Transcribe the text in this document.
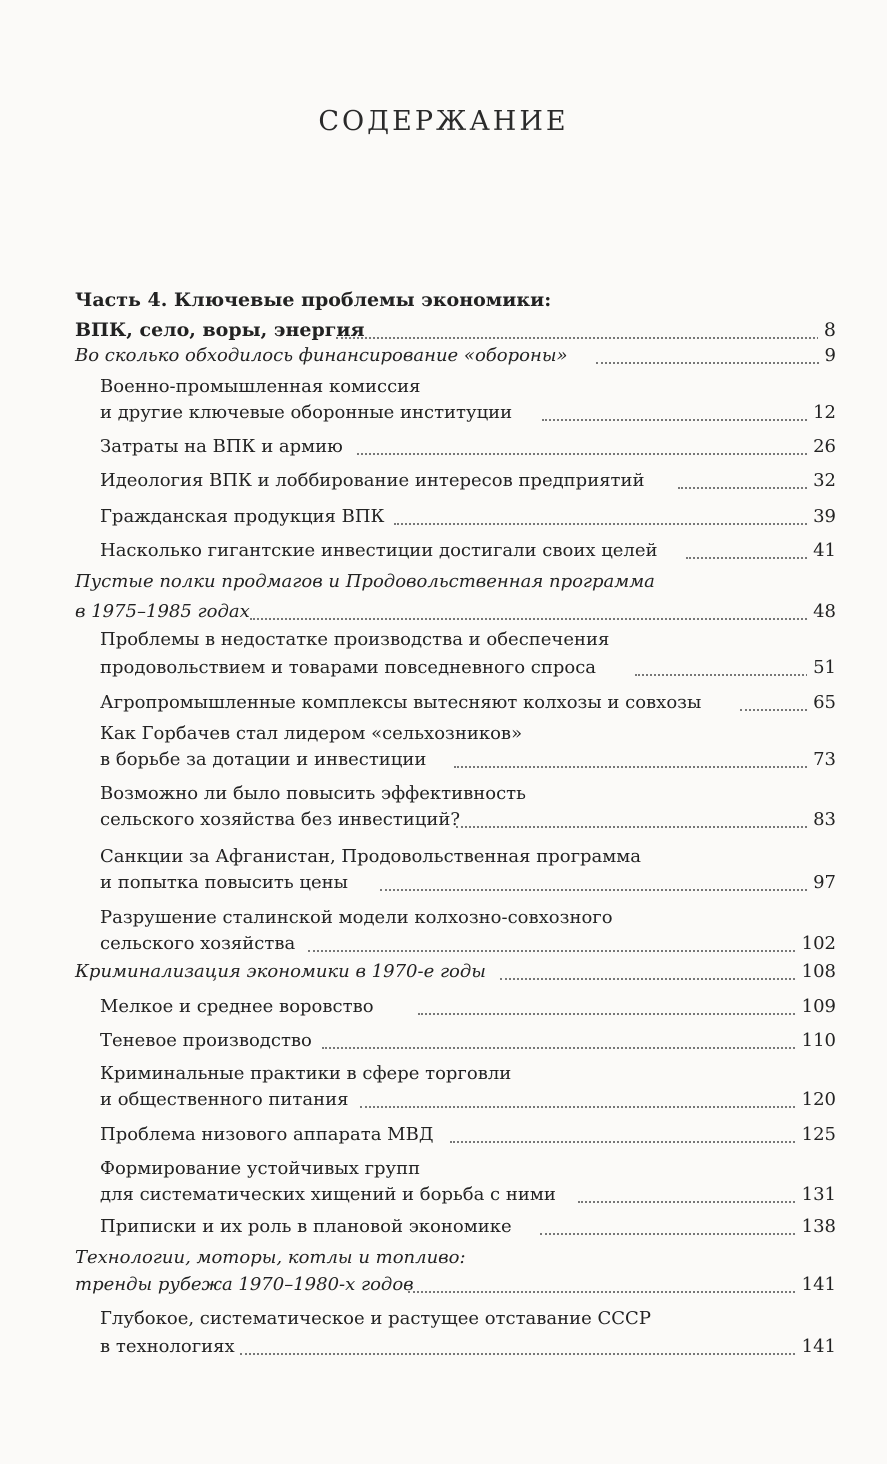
СОДЕРЖАНИЕ
Часть 4. Ключевые проблемы экономики:
ВПК, село, воры, энергия	8
Во сколько обходилось финансирование «обороны»	9
Военно-промышленная комиссия
и другие ключевые оборонные институции	12
Затраты на ВПК и армию	26
Идеология ВПК и лоббирование интересов предприятий	32
Гражданская продукция ВПК	39
Насколько гигантские инвестиции достигали своих целей	41
Пустые полки продмагов и Продовольственная программа
в 1975–1985 годах	48
Проблемы в недостатке производства и обеспечения
продовольствием и товарами повседневного спроса	51
Агропромышленные комплексы вытесняют колхозы и совхозы	65
Как Горбачев стал лидером «сельхозников»
в борьбе за дотации и инвестиции	73
Возможно ли было повысить эффективность
сельского хозяйства без инвестиций?	83
Санкции за Афганистан, Продовольственная программа
и попытка повысить цены	97
Разрушение сталинской модели колхозно-совхозного
сельского хозяйства	102
Криминализация экономики в 1970-е годы	108
Мелкое и среднее воровство	109
Теневое производство	110
Криминальные практики в сфере торговли
и общественного питания	120
Проблема низового аппарата МВД	125
Формирование устойчивых групп
для систематических хищений и борьба с ними	131
Приписки и их роль в плановой экономике	138
Технологии, моторы, котлы и топливо:
тренды рубежа 1970–1980-х годов	141
Глубокое, систематическое и растущее отставание СССР
в технологиях	141
